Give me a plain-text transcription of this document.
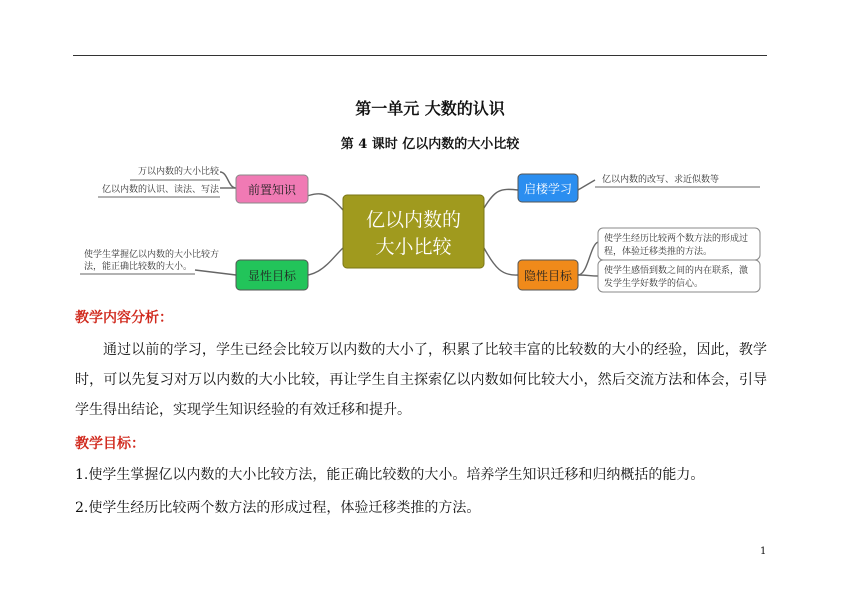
第一单元 大数的认识
第 4 课时 亿以内数的大小比较
亿以内数的
大小比较
前置知识	启楼学习
显性目标	隐性目标
万以内数的大小比较
亿以内数的认识、读法、写法
亿以内数的改写、求近似数等
使学生掌握亿以内数的大小比较方
法，能正确比较数的大小。
使学生经历比较两个数方法的形成过
程，体验迁移类推的方法。
使学生感悟到数之间的内在联系，激
发学生学好数学的信心。
教学内容分析：
通过以前的学习，学生已经会比较万以内数的大小了，积累了比较丰富的比较数的大小的经验，因此，教学时，可以先复习对万以内数的大小比较，再让学生自主探索亿以内数如何比较大小，然后交流方法和体会，引导学生得出结论，实现学生知识经验的有效迁移和提升。
教学目标：
1.使学生掌握亿以内数的大小比较方法，能正确比较数的大小。培养学生知识迁移和归纳概括的能力。
2.使学生经历比较两个数方法的形成过程，体验迁移类推的方法。
1
